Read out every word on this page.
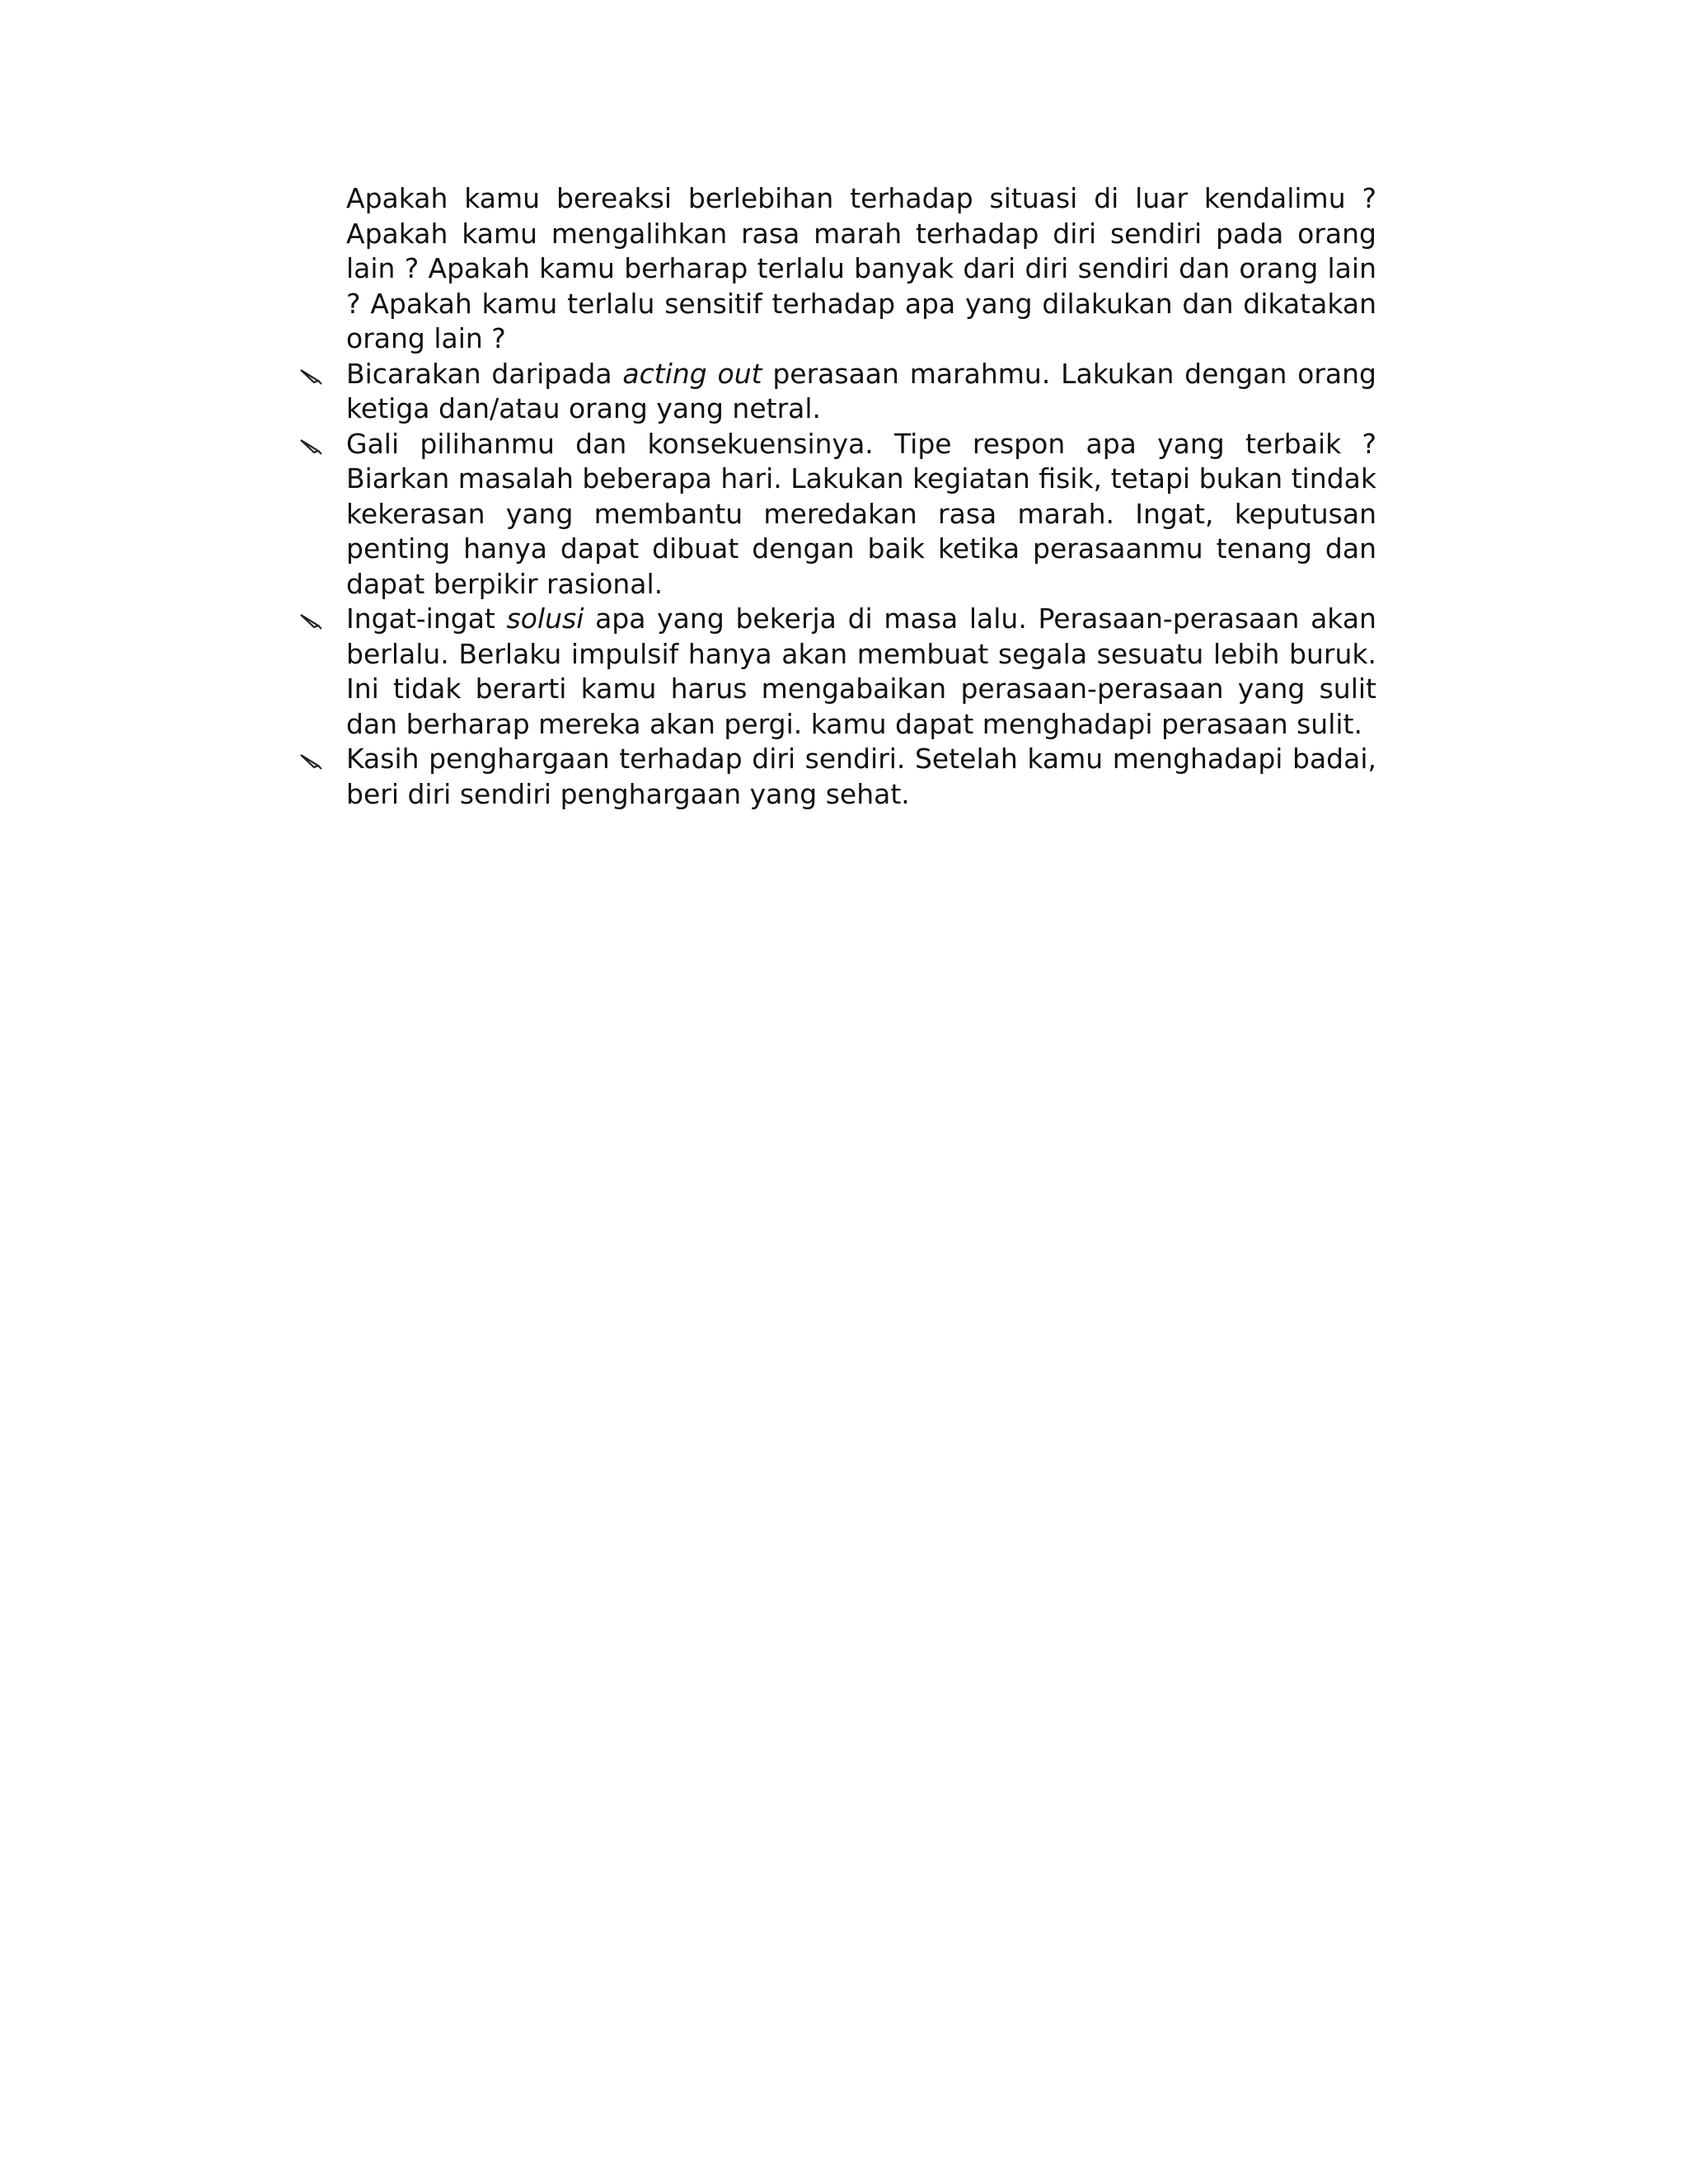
Apakah kamu bereaksi berlebihan terhadap situasi di luar kendalimu ? Apakah kamu mengalihkan rasa marah terhadap diri sendiri pada orang lain ? Apakah kamu berharap terlalu banyak dari diri sendiri dan orang lain ? Apakah kamu terlalu sensitif terhadap apa yang dilakukan dan dikatakan orang lain ?

Bicarakan daripada acting out perasaan marahmu. Lakukan dengan orang ketiga dan/atau orang yang netral.
Gali pilihanmu dan konsekuensinya. Tipe respon apa yang terbaik ? Biarkan masalah beberapa hari. Lakukan kegiatan fisik, tetapi bukan tindak kekerasan yang membantu meredakan rasa marah. Ingat, keputusan penting hanya dapat dibuat dengan baik ketika perasaanmu tenang dan dapat berpikir rasional.
Ingat-ingat solusi apa yang bekerja di masa lalu. Perasaan-perasaan akan berlalu. Berlaku impulsif hanya akan membuat segala sesuatu lebih buruk. Ini tidak berarti kamu harus mengabaikan perasaan-perasaan yang sulit dan berharap mereka akan pergi. kamu dapat menghadapi perasaan sulit.
Kasih penghargaan terhadap diri sendiri. Setelah kamu menghadapi badai, beri diri sendiri penghargaan yang sehat.
